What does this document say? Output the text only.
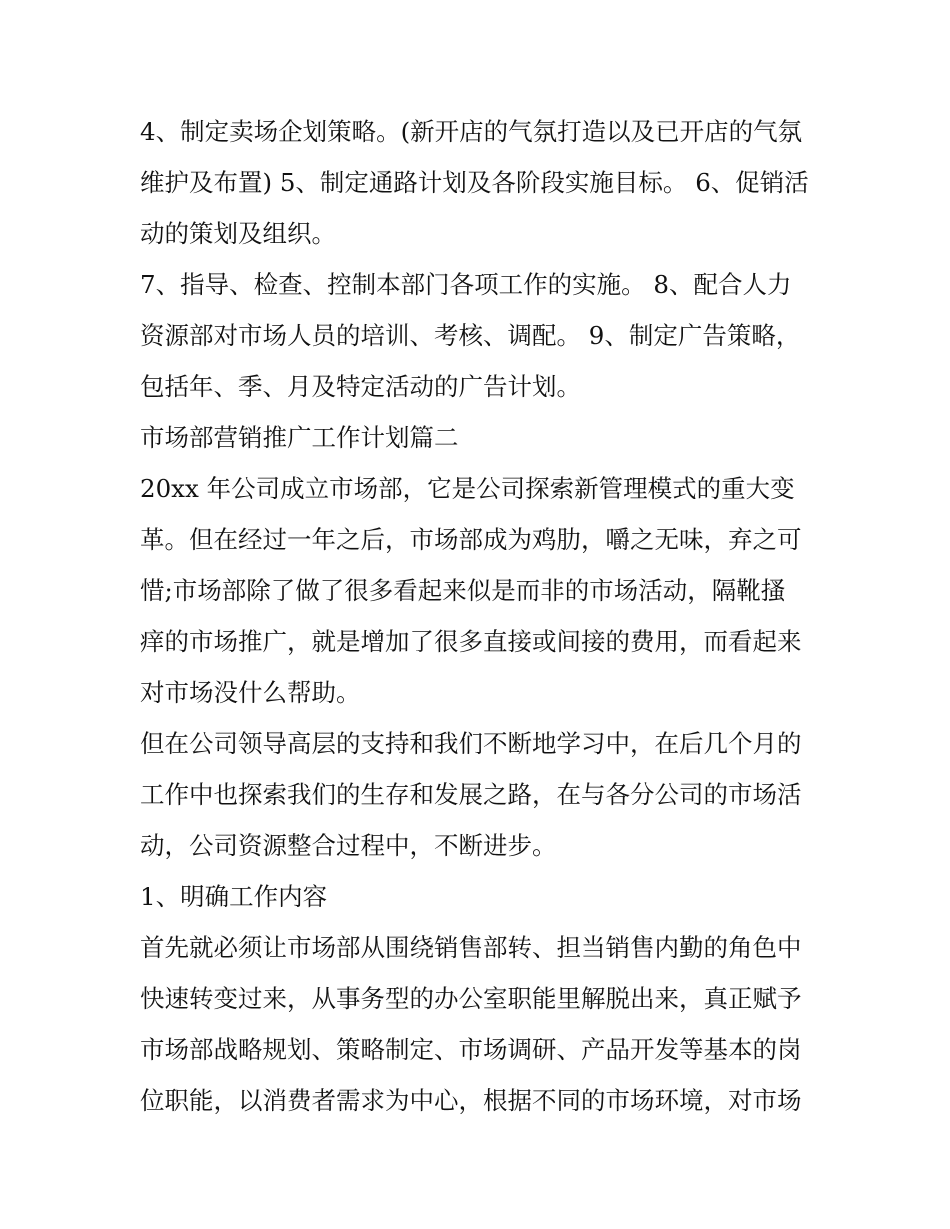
4、制定卖场企划策略。(新开店的气氛打造以及已开店的气氛
维护及布置) 5、制定通路计划及各阶段实施目标。 6、促销活
动的策划及组织。
7、指导、检查、控制本部门各项工作的实施。 8、配合人力
资源部对市场人员的培训、考核、调配。 9、制定广告策略，
包括年、季、月及特定活动的广告计划。
市场部营销推广工作计划篇二
20xx 年公司成立市场部，它是公司探索新管理模式的重大变
革。但在经过一年之后，市场部成为鸡肋，嚼之无味，弃之可
惜;市场部除了做了很多看起来似是而非的市场活动，隔靴搔
痒的市场推广，就是增加了很多直接或间接的费用，而看起来
对市场没什么帮助。
但在公司领导高层的支持和我们不断地学习中，在后几个月的
工作中也探索我们的生存和发展之路，在与各分公司的市场活
动，公司资源整合过程中，不断进步。
1、明确工作内容
首先就必须让市场部从围绕销售部转、担当销售内勤的角色中
快速转变过来，从事务型的办公室职能里解脱出来，真正赋予
市场部战略规划、策略制定、市场调研、产品开发等基本的岗
位职能，以消费者需求为中心，根据不同的市场环境，对市场
